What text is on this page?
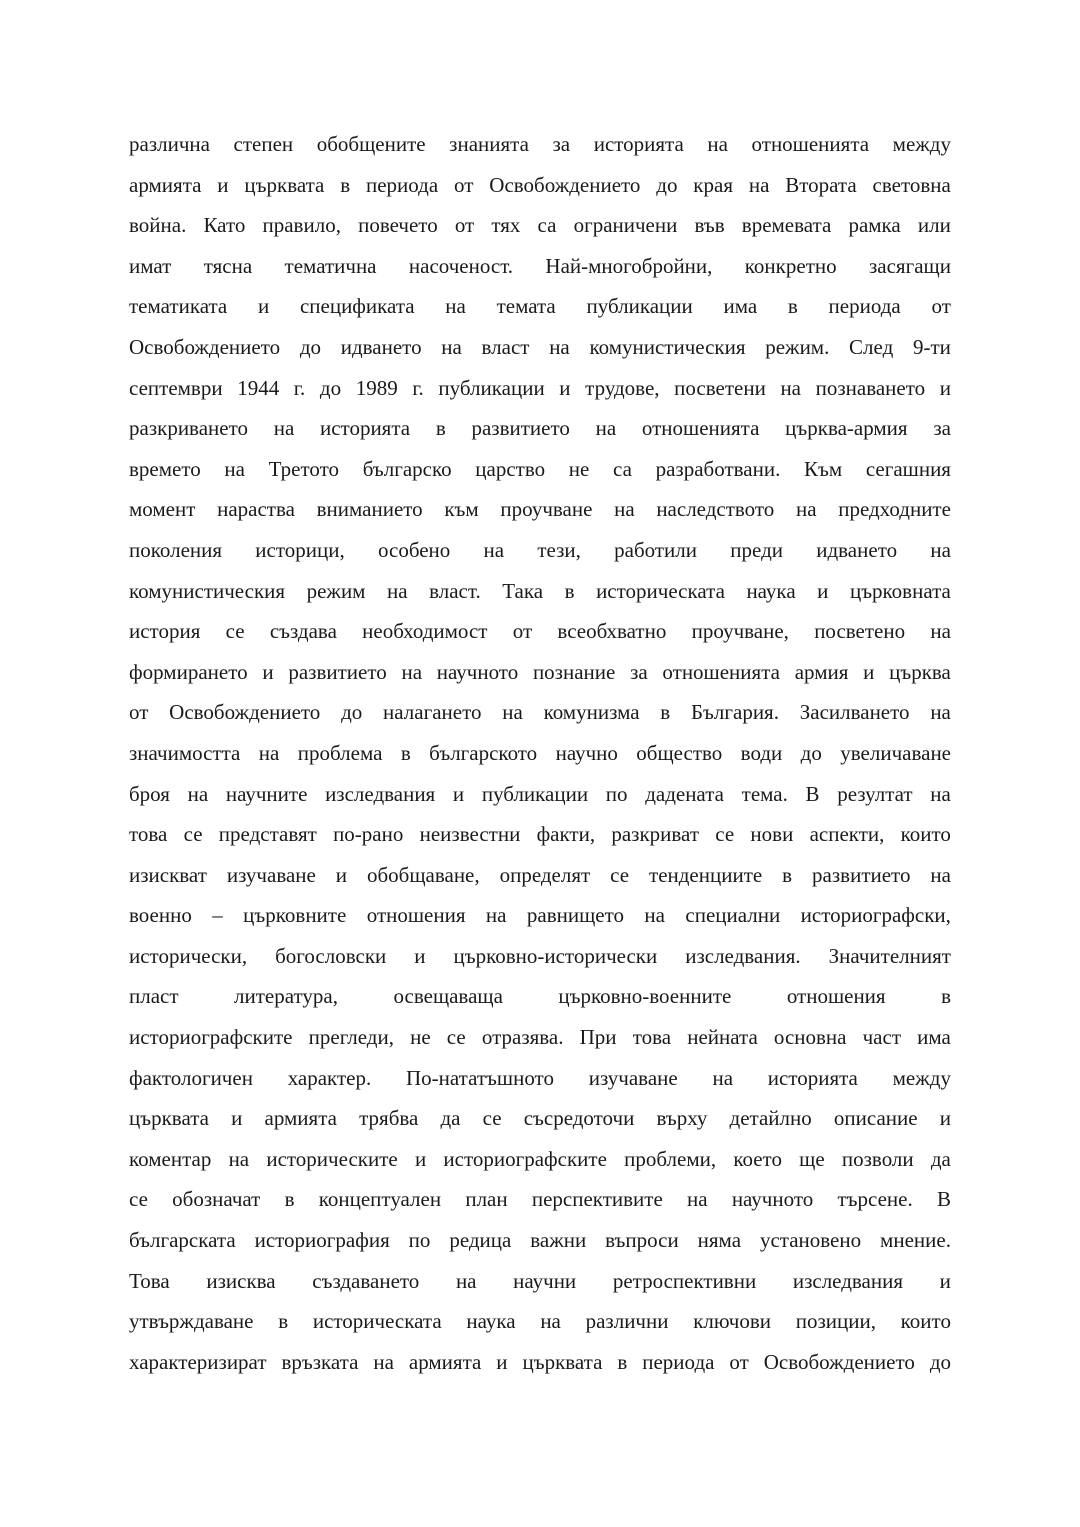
различна степен обобщените знанията за историята на отношенията между
армията и църквата в периода от Освобождението до края на Втората световна
война. Като правило, повечето от тях са ограничени във времевата рамка или
имат тясна тематична насоченост. Най-многобройни, конкретно засягащи
тематиката и спецификата на темата публикации има в периода от
Освобождението до идването на власт на комунистическия режим. След 9-ти
септември 1944 г. до 1989 г. публикации и трудове, посветени на познаването и
разкриването на историята в развитието на отношенията църква-армия за
времето на Третото българско царство не са разработвани. Към сегашния
момент нараства вниманието към проучване на наследството на предходните
поколения историци, особено на тези, работили преди идването на
комунистическия режим на власт. Така в историческата наука и църковната
история се създава необходимост от всеобхватно проучване, посветено на
формирането и развитието на научното познание за отношенията армия и църква
от Освобождението до налагането на комунизма в България. Засилването на
значимостта на проблема в българското научно общество води до увеличаване
броя на научните изследвания и публикации по дадената тема. В резултат на
това се представят по-рано неизвестни факти, разкриват се нови аспекти, които
изискват изучаване и обобщаване, определят се тенденциите в развитието на
военно – църковните отношения на равнището на специални историографски,
исторически, богословски и църковно-исторически изследвания. Значителният
пласт	литература,	освещаваща	църковно-военните	отношения	в
историографските прегледи, не се отразява. При това нейната основна част има
фактологичен характер. По-нататъшното изучаване на историята между
църквата и армията трябва да се съсредоточи върху детайлно описание и
коментар на историческите и историографските проблеми, което ще позволи да
се обозначат в концептуален план перспективите на научното търсене. В
българската историография по редица важни въпроси няма установено мнение.
Това изисква създаването на научни ретроспективни изследвания и
утвърждаване в историческата наука на различни ключови позиции, които
характеризират връзката на армията и църквата в периода от Освобождението до
